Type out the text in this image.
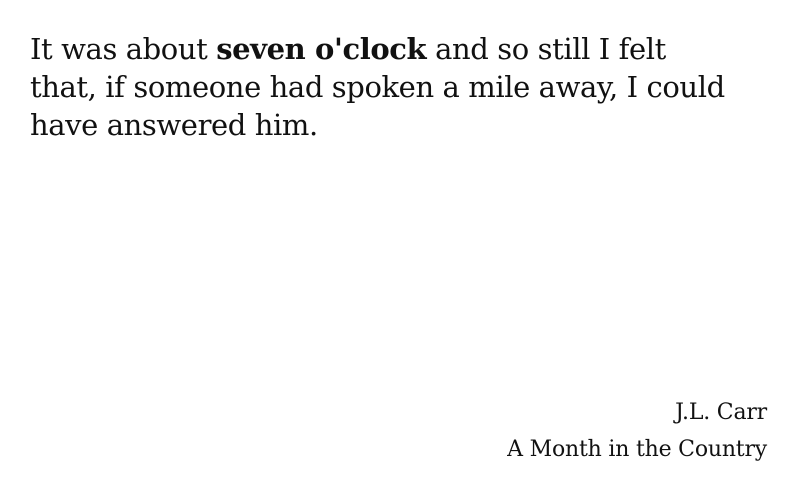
It was about seven o'clock and so still I felt that, if someone had spoken a mile away, I could have answered him.

J.L. Carr
A Month in the Country
